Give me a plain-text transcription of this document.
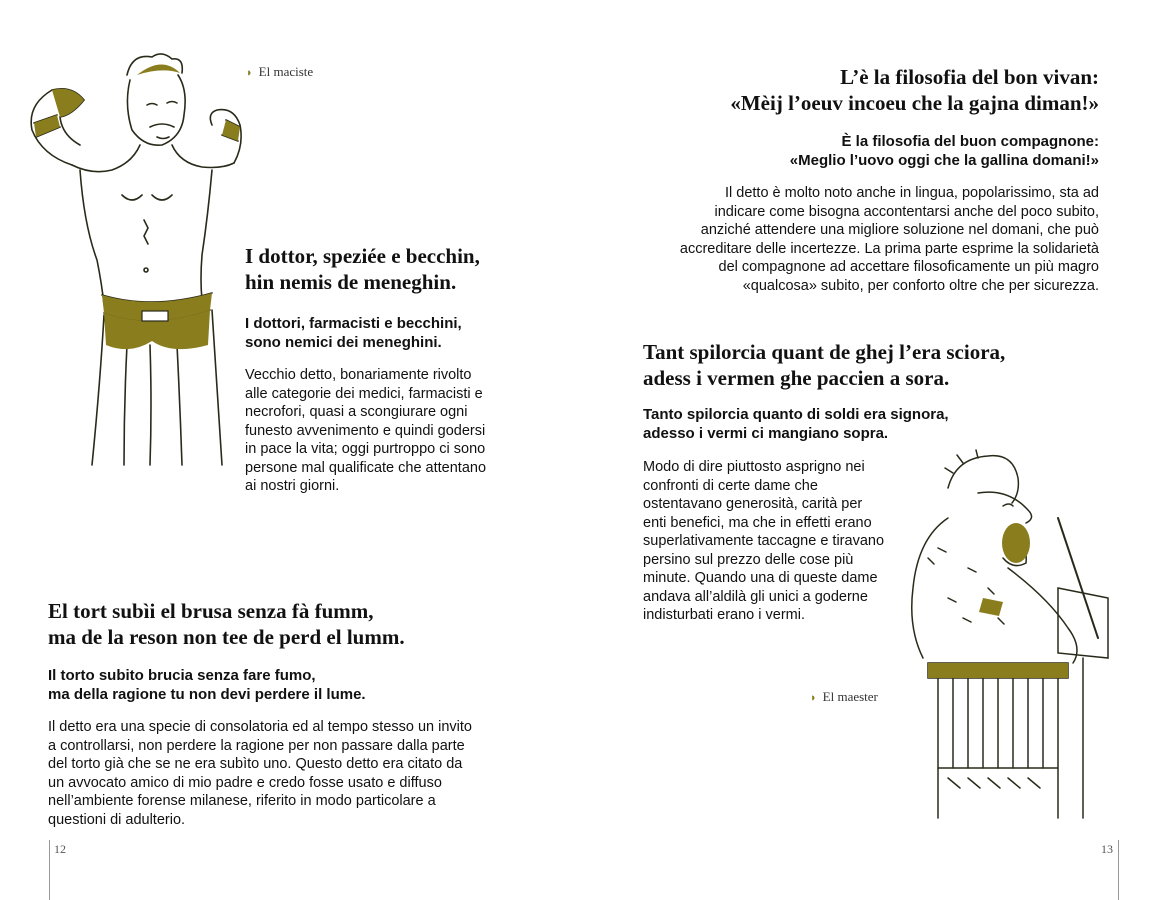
◗ El maciste
I dottor, speziée e becchin,
hin nemis de meneghin.
I dottori, farmacisti e becchini,
sono nemici dei meneghini.
Vecchio detto, bonariamente rivolto
alle categorie dei medici, farmacisti e
necrofori, quasi a scongiurare ogni
funesto avvenimento e quindi godersi
in pace la vita; oggi purtroppo ci sono
persone mal qualificate che attentano
ai nostri giorni.
El tort subìi el brusa senza fà fumm,
ma de la reson non tee de perd el lumm.
Il torto subito brucia senza fare fumo,
ma della ragione tu non devi perdere il lume.
Il detto era una specie di consolatoria ed al tempo stesso un invito
a controllarsi, non perdere la ragione per non passare dalla parte
del torto già che se ne era subìto uno. Questo detto era citato da
un avvocato amico di mio padre e credo fosse usato e diffuso
nell’ambiente forense milanese, riferito in modo particolare a
questioni di adulterio.
12
L’è la filosofia del bon vivan:
«Mèij l’oeuv incoeu che la gajna diman!»
È la filosofia del buon compagnone:
«Meglio l’uovo oggi che la gallina domani!»
Il detto è molto noto anche in lingua, popolarissimo, sta ad
indicare come bisogna accontentarsi anche del poco subito,
anziché attendere una migliore soluzione nel domani, che può
accreditare delle incertezze. La prima parte esprime la solidarietà
del compagnone ad accettare filosoficamente un più magro
«qualcosa» subito, per conforto oltre che per sicurezza.
Tant spilorcia quant de ghej l’era sciora,
adess i vermen ghe paccien a sora.
Tanto spilorcia quanto di soldi era signora,
adesso i vermi ci mangiano sopra.
Modo di dire piuttosto asprigno nei
confronti di certe dame che
ostentavano generosità, carità per
enti benefici, ma che in effetti erano
superlativamente taccagne e tiravano
persino sul prezzo delle cose più
minute. Quando una di queste dame
andava all’aldilà gli unici a goderne
indisturbati erano i vermi.
◗ El maester
13
